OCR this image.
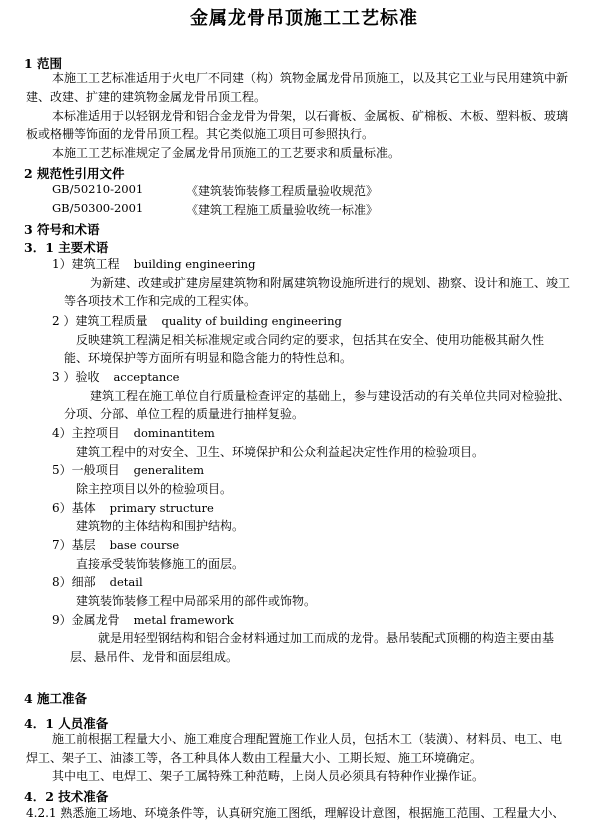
金属龙骨吊顶施工工艺标准
1 范围
本施工工艺标准适用于火电厂不同建（构）筑物金属龙骨吊顶施工，以及其它工业与民用建筑中新
建、改建、扩建的建筑物金属龙骨吊顶工程。
本标准适用于以轻钢龙骨和铝合金龙骨为骨架，以石膏板、金属板、矿棉板、木板、塑料板、玻璃
板或格栅等饰面的龙骨吊顶工程。其它类似施工项目可参照执行。
本施工工艺标准规定了金属龙骨吊顶施工的工艺要求和质量标准。
2 规范性引用文件
GB/50210-2001	《建筑装饰装修工程质量验收规范》
GB/50300-2001	《建筑工程施工质量验收统一标准》
3 符号和术语
3．1 主要术语
1）建筑工程 building engineering
为新建、改建或扩建房屋建筑物和附属建筑物设施所进行的规划、勘察、设计和施工、竣工
等各项技术工作和完成的工程实体。
2 ）建筑工程质量 quality of building engineering
反映建筑工程满足相关标准规定或合同约定的要求，包括其在安全、使用功能极其耐久性
能、环境保护等方面所有明显和隐含能力的特性总和。
3 ）验收 acceptance
建筑工程在施工单位自行质量检查评定的基础上，参与建设活动的有关单位共同对检验批、
分项、分部、单位工程的质量进行抽样复验。
4）主控项目 dominantitem
建筑工程中的对安全、卫生、环境保护和公众利益起决定性作用的检验项目。
5）一般项目 generalitem
除主控项目以外的检验项目。
6）基体 primary structure
建筑物的主体结构和围护结构。
7）基层 base course
直接承受装饰装修施工的面层。
8）细部 detail
建筑装饰装修工程中局部采用的部件或饰物。
9）金属龙骨 metal framework
就是用轻型钢结构和铝合金材料通过加工而成的龙骨。悬吊装配式顶棚的构造主要由基
层、悬吊件、龙骨和面层组成。
4 施工准备
4．1 人员准备
施工前根据工程量大小、施工难度合理配置施工作业人员，包括木工（装潢）、材料员、电工、电
焊工、架子工、油漆工等，各工种具体人数由工程量大小、工期长短、施工环境确定。
其中电工、电焊工、架子工属特殊工种范畴，上岗人员必须具有特种作业操作证。
4．2 技术准备
4.2.1 熟悉施工场地、环境条件等，认真研究施工图纸，理解设计意图，根据施工范围、工程量大小、
